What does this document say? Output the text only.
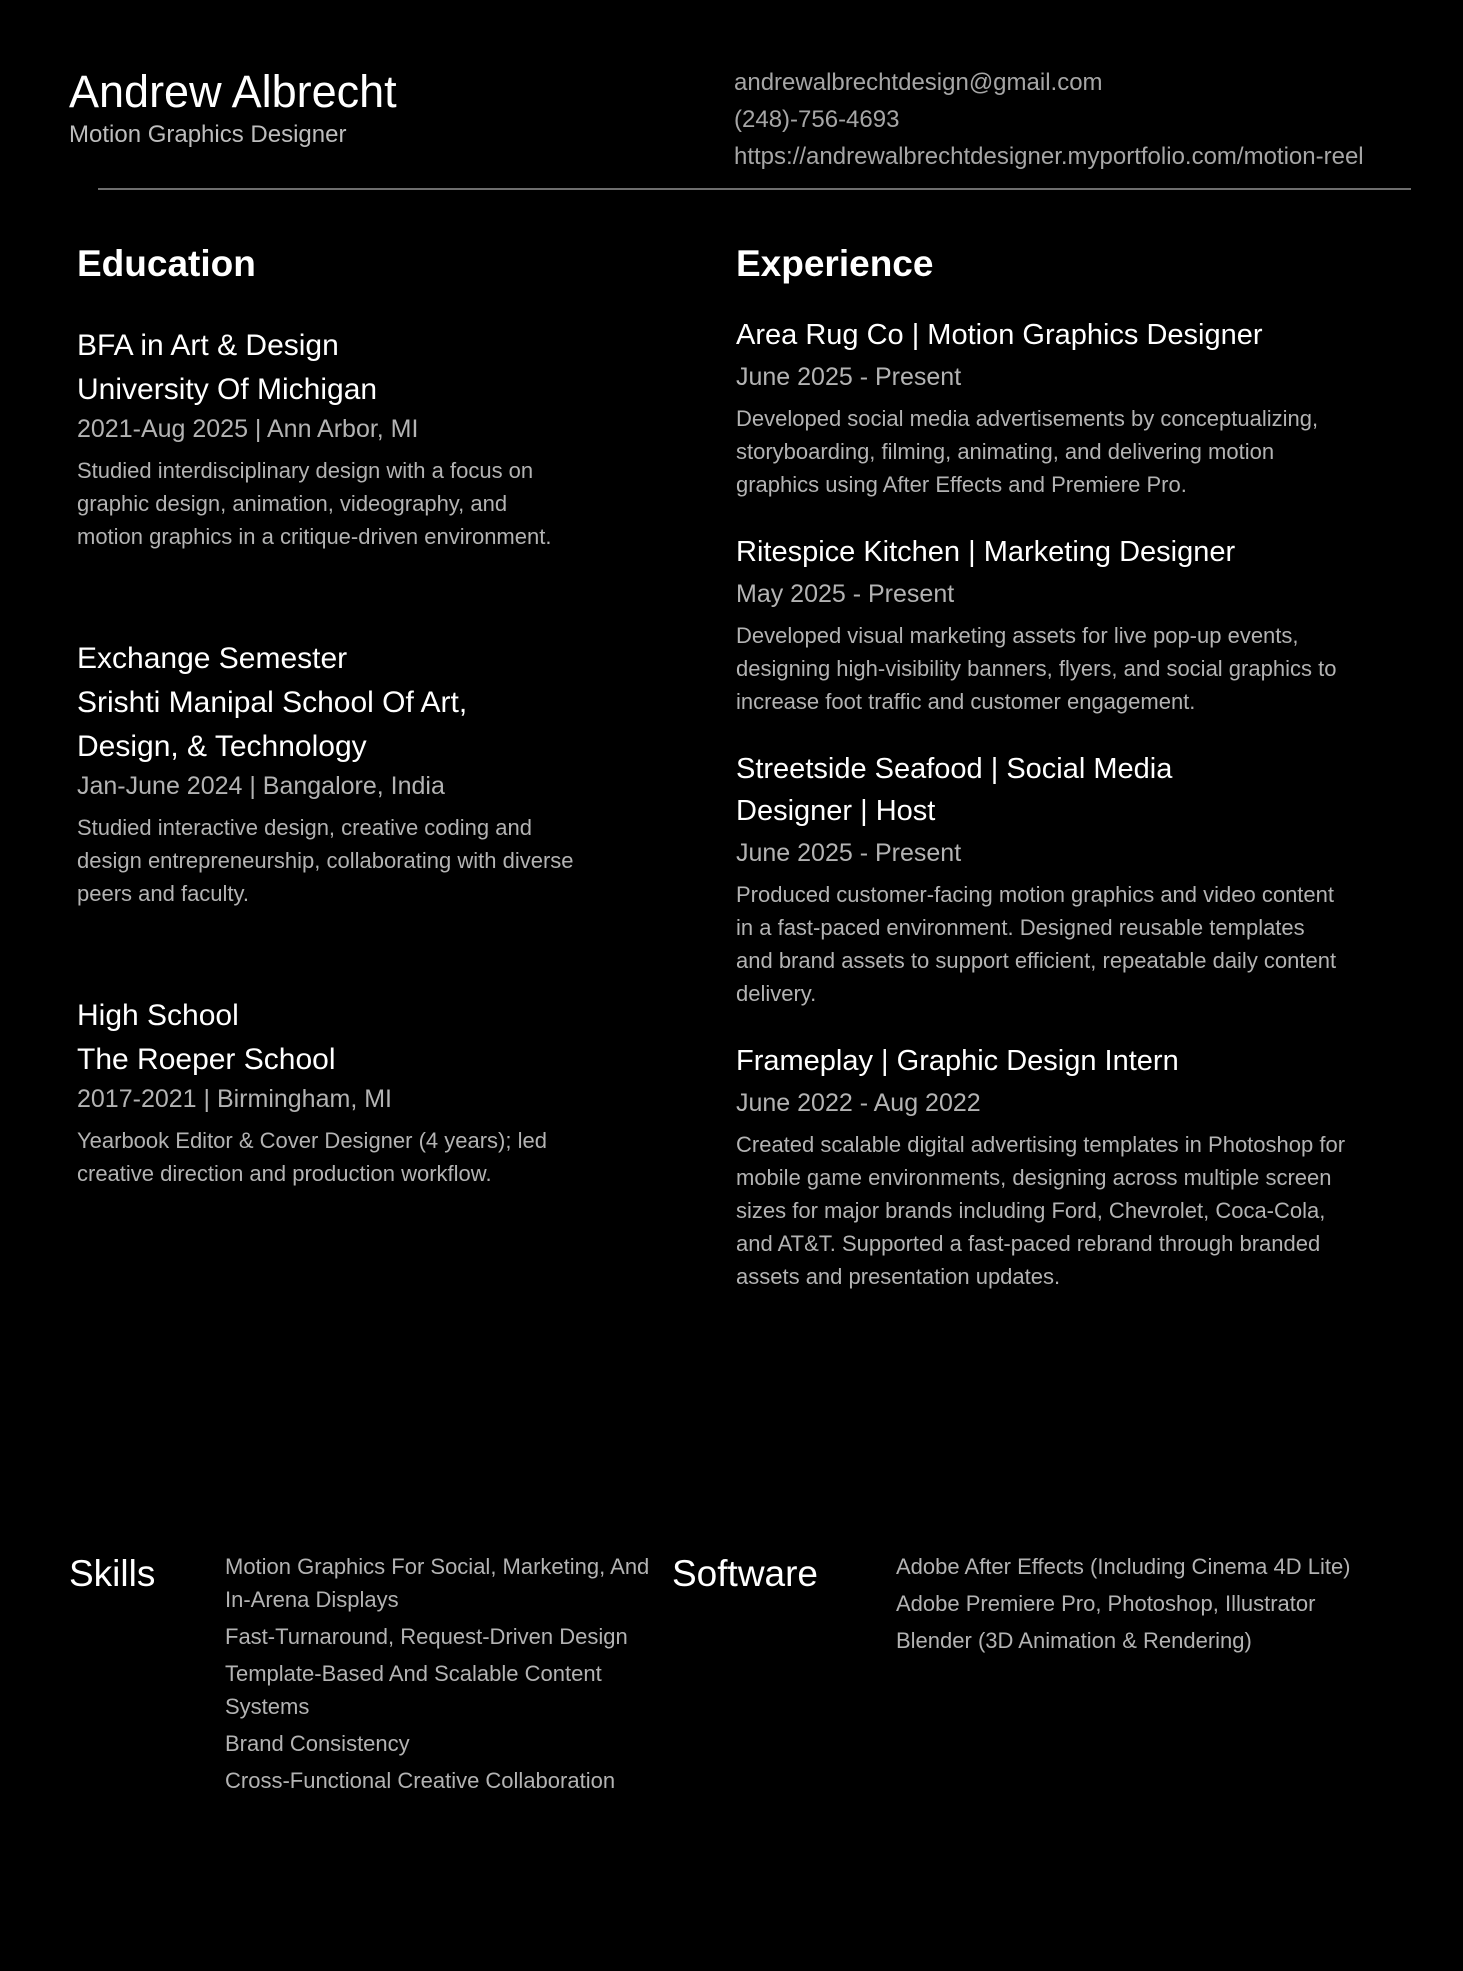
Andrew Albrecht
Motion Graphics Designer
andrewalbrechtdesign@gmail.com
(248)-756-4693
https://andrewalbrechtdesigner.myportfolio.com/motion-reel
Education

BFA in Art & Design

University Of Michigan

2021-Aug 2025 | Ann Arbor, MI

Studied interdisciplinary design with a focus on graphic design, animation, videography, and motion graphics in a critique-driven environment.

Exchange Semester

Srishti Manipal School Of Art, Design, & Technology

Jan-June 2024 | Bangalore, India

Studied interactive design, creative coding and design entrepreneurship, collaborating with diverse peers and faculty.

High School

The Roeper School

2017-2021 | Birmingham, MI

Yearbook Editor & Cover Designer (4 years); led creative direction and production workflow.

Experience

Area Rug Co | Motion Graphics Designer

June 2025 - Present

Developed social media advertisements by conceptualizing, storyboarding, filming, animating, and delivering motion graphics using After Effects and Premiere Pro.

Ritespice Kitchen | Marketing Designer

May 2025 - Present

Developed visual marketing assets for live pop-up events, designing high-visibility banners, flyers, and social graphics to increase foot traffic and customer engagement.

Streetside Seafood | Social Media Designer | Host

June 2025 - Present

Produced customer-facing motion graphics and video content in a fast-paced environment. Designed reusable templates and brand assets to support efficient, repeatable daily content delivery.

Frameplay | Graphic Design Intern

June 2022 - Aug 2022

Created scalable digital advertising templates in Photoshop for mobile game environments, designing across multiple screen sizes for major brands including Ford, Chevrolet, Coca-Cola, and AT&T. Supported a fast-paced rebrand through branded assets and presentation updates.

Skills	Motion Graphics For Social, Marketing, And In-Arena Displays
Fast-Turnaround, Request-Driven Design
Template-Based And Scalable Content Systems
Brand Consistency
Cross-Functional Creative Collaboration
Software	Adobe After Effects (Including Cinema 4D Lite)
Adobe Premiere Pro, Photoshop, Illustrator
Blender (3D Animation & Rendering)
